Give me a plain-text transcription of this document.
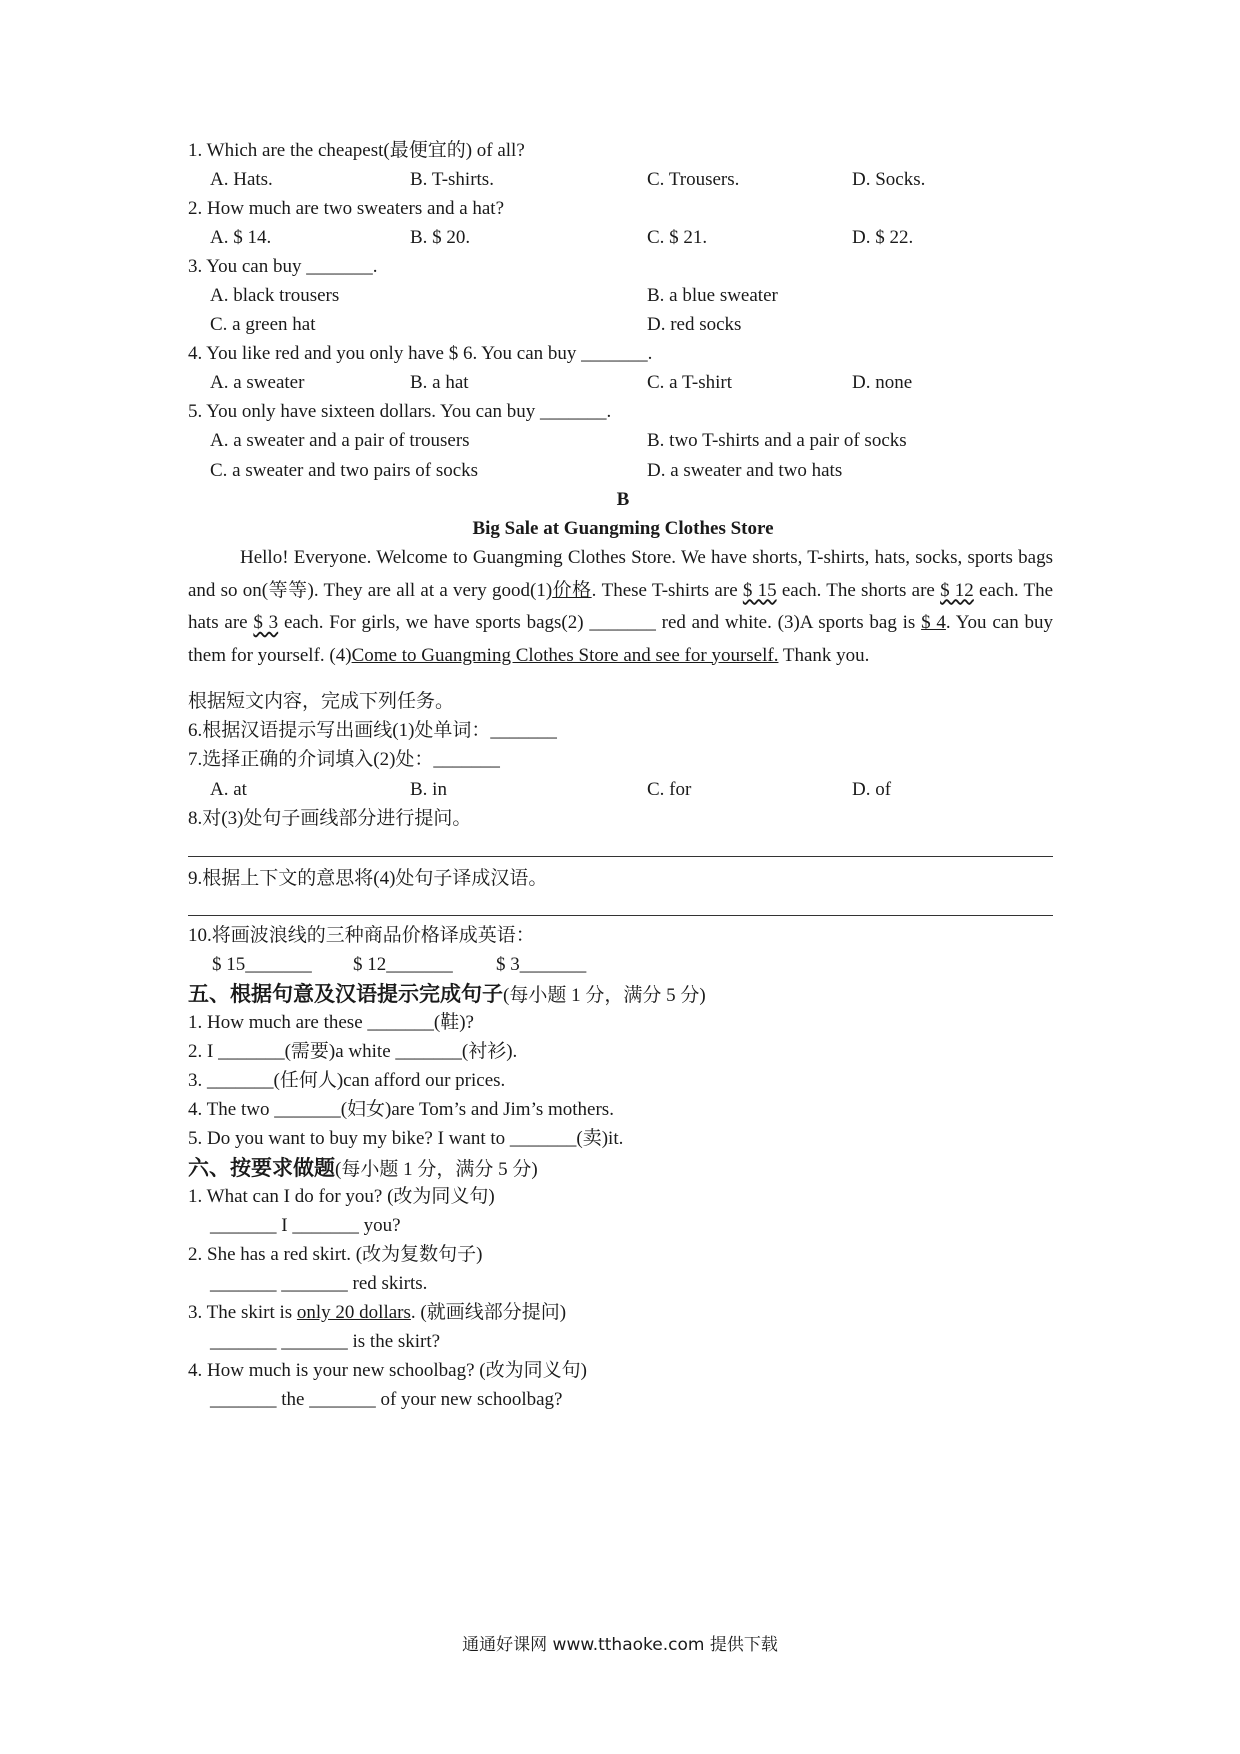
1. Which are the cheapest(最便宜的) of all?
A. Hats.	B. T-shirts.	C. Trousers.	D. Socks.
2. How much are two sweaters and a hat?
A. $ 14.	B. $ 20.	C. $ 21.	D. $ 22.
3. You can buy _______.
A. black trousers	B. a blue sweater
C. a green hat	D. red socks
4. You like red and you only have $ 6. You can buy _______.
A. a sweater	B. a hat	C. a T-shirt	D. none
5. You only have sixteen dollars. You can buy _______.
A. a sweater and a pair of trousers	B. two T-shirts and a pair of socks
C. a sweater and two pairs of socks	D. a sweater and two hats
B
Big Sale at Guangming Clothes Store

Hello! Everyone. Welcome to Guangming Clothes Store. We have shorts, T-shirts, hats, socks, sports bags and so on(等等). They are all at a very good(1)价格. These T-shirts are $ 15 each. The shorts are $ 12 each. The hats are $ 3 each. For girls, we have sports bags(2) _______ red and white. (3)A sports bag is $ 4. You can buy them for yourself. (4)Come to Guangming Clothes Store and see for yourself. Thank you.

根据短文内容，完成下列任务。
6.根据汉语提示写出画线(1)处单词：_______
7.选择正确的介词填入(2)处：_______
A. at	B. in	C. for	D. of
8.对(3)处句子画线部分进行提问。
9.根据上下文的意思将(4)处句子译成汉语。
10.将画波浪线的三种商品价格译成英语：
$ 15_______ $ 12_______ $ 3_______
五、根据句意及汉语提示完成句子(每小题 1 分，满分 5 分)
1. How much are these _______(鞋)?
2. I _______(需要)a white _______(衬衫).
3. _______(任何人)can afford our prices.
4. The two _______(妇女)are Tom’s and Jim’s mothers.
5. Do you want to buy my bike? I want to _______(卖)it.
六、按要求做题(每小题 1 分，满分 5 分)
1. What can I do for you? (改为同义句)
_______ I _______ you?
2. She has a red skirt. (改为复数句子)
_______ _______ red skirts.
3. The skirt is only 20 dollars. (就画线部分提问)
_______ _______ is the skirt?
4. How much is your new schoolbag? (改为同义句)
_______ the _______ of your new schoolbag?
通通好课网 www.tthaoke.com 提供下载
